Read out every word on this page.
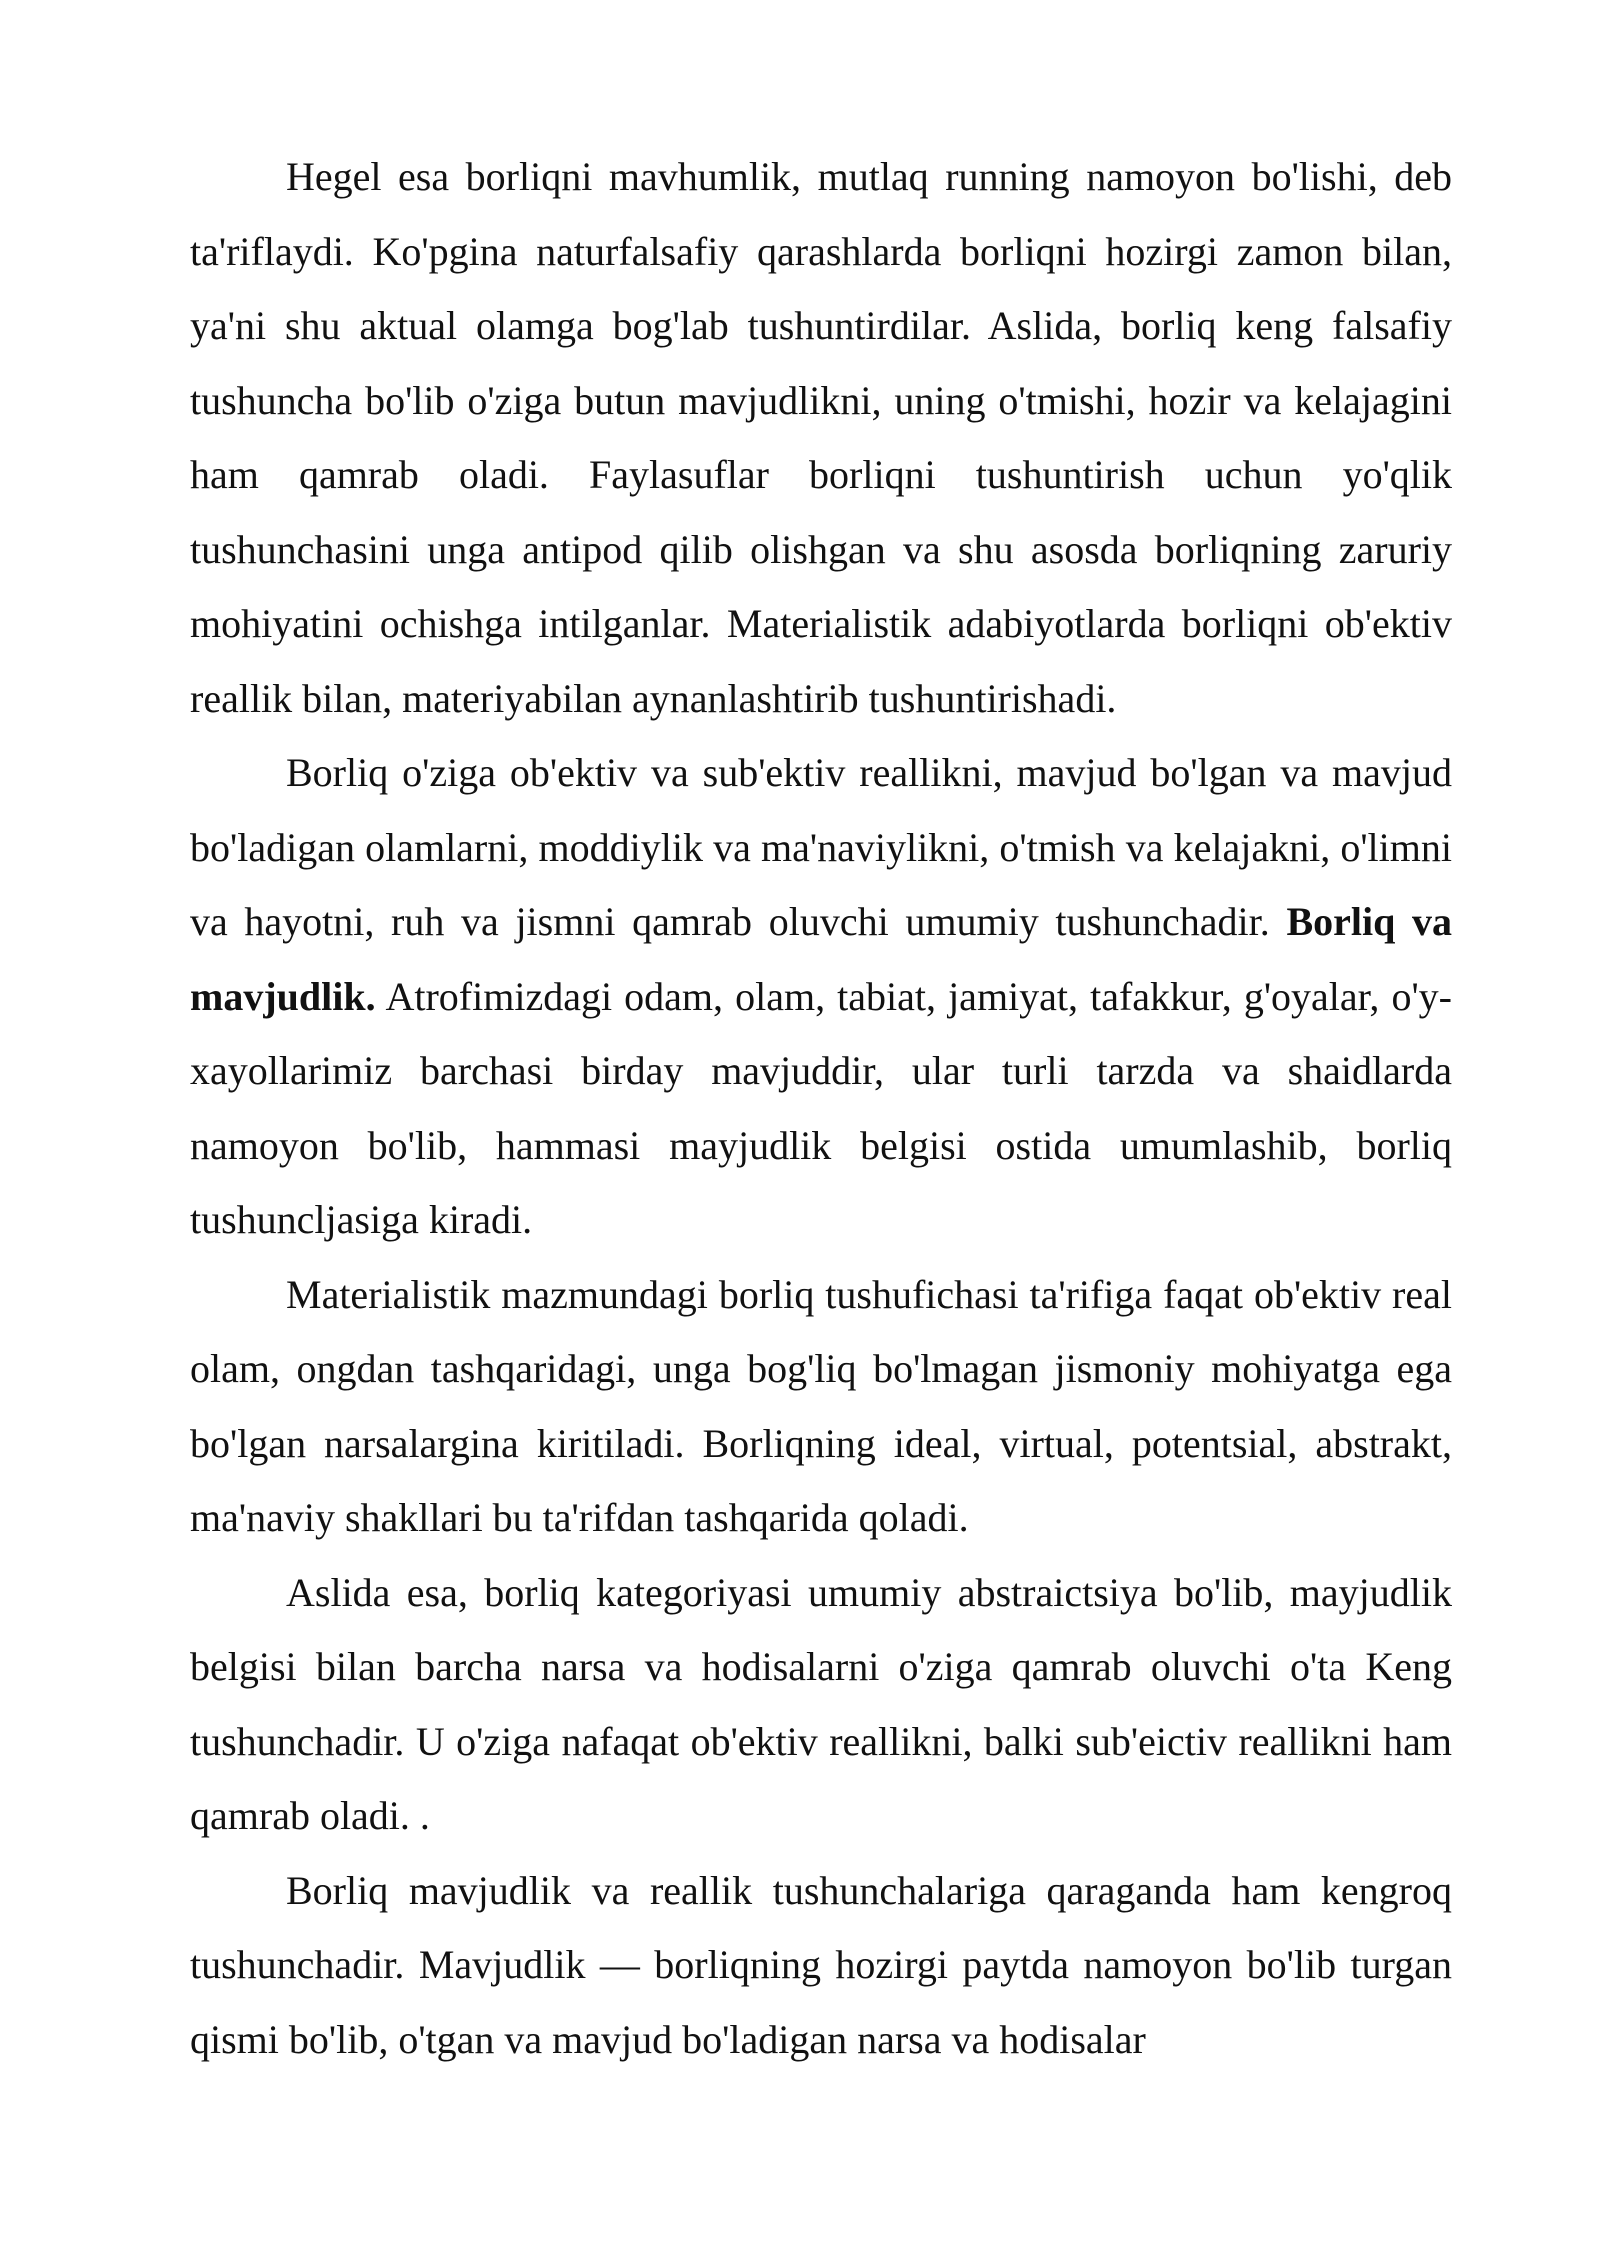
Hegel esa borliqni mavhumlik, mutlaq running namoyon bo'lishi, deb ta'riflaydi. Ko'pgina naturfalsafiy qarashlarda borliqni hozirgi zamon bilan, ya'ni shu aktual olamga bog'lab tushuntirdilar. Aslida, borliq keng falsafiy tushuncha bo'lib o'ziga butun mavjudlikni, uning o'tmishi, hozir va kelajagini ham qamrab oladi. Faylasuflar borliqni tushuntirish uchun yo'qlik tushunchasini unga antipod qilib olishgan va shu asosda borliqning zaruriy mohiyatini ochishga intilganlar. Materialistik adabiyotlarda borliqni ob'ektiv reallik bilan, materiyabilan aynanlashtirib tushuntirishadi.

Borliq o'ziga ob'ektiv va sub'ektiv reallikni, mavjud bo'lgan va mavjud bo'ladigan olamlarni, moddiylik va ma'naviylikni, o'tmish va kelajakni, o'limni va hayotni, ruh va jismni qamrab oluvchi umumiy tushunchadir. Borliq va mavjudlik. Atrofimizdagi odam, olam, tabiat, jamiyat, tafakkur, g'oyalar, o'y-xayollarimiz barchasi birday mavjuddir, ular turli tarzda va shaidlarda namoyon bo'lib, hammasi mayjudlik belgisi ostida umumlashib, borliq tushuncljasiga kiradi.

Materialistik mazmundagi borliq tushufichasi ta'rifiga faqat ob'ektiv real olam, ongdan tashqaridagi, unga bog'liq bo'lmagan jismoniy mohiyatga ega bo'lgan narsalargina kiritiladi. Borliqning ideal, virtual, potentsial, abstrakt, ma'naviy shakllari bu ta'rifdan tashqarida qoladi.

Aslida esa, borliq kategoriyasi umumiy abstraictsiya bo'lib, mayjudlik belgisi bilan barcha narsa va hodisalarni o'ziga qamrab oluvchi o'ta Keng tushunchadir. U o'ziga nafaqat ob'ektiv reallikni, balki sub'eictiv reallikni ham qamrab oladi. .

Borliq mavjudlik va reallik tushunchalariga qaraganda ham kengroq tushunchadir. Mavjudlik — borliqning hozirgi paytda namoyon bo'lib turgan qismi bo'lib, o'tgan va mavjud bo'ladigan narsa va hodisalar
